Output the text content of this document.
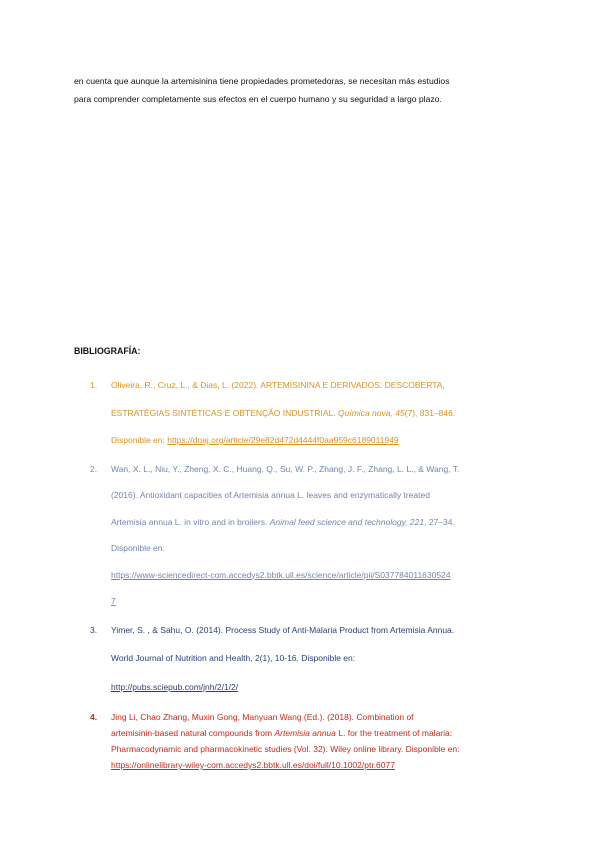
en cuenta que aunque la artemisinina tiene propiedades prometedoras, se necesitan más estudios

para comprender completamente sus efectos en el cuerpo humano y su seguridad a largo plazo.

BIBLIOGRAFÍA:
1. Oliveira, R., Cruz, L., & Dias, L. (2022). ARTEMISININA E DERIVADOS: DESCOBERTA,
ESTRATÉGIAS SINTÉTICAS E OBTENÇÃO INDUSTRIAL. Química nova, 45(7), 831–846.
Disponible en: https://doaj.org/article/29e82d472d4444f0aa959c6189011949
2. Wan, X. L., Niu, Y., Zheng, X. C., Huang, Q., Su, W. P., Zhang, J. F., Zhang, L. L., & Wang, T.
(2016). Antioxidant capacities of Artemisia annua L. leaves and enzymatically treated
Artemisia annua L. in vitro and in broilers. Animal feed science and technology, 221, 27–34.
Disponible en:
https://www-sciencedirect-com.accedys2.bbtk.ull.es/science/article/pii/S037784011630524
7
3. Yimer, S. , & Sahu, O. (2014). Process Study of Anti-Malaria Product from Artemisia Annua.
World Journal of Nutrition and Health, 2(1), 10-16. Disponible en:
http://pubs.sciepub.com/jnh/2/1/2/
4. Jing Li, Chao Zhang, Muxin Gong, Manyuan Wang (Ed.). (2018). Combination of
artemisinin-based natural compounds from Artemisia annua L. for the treatment of malaria:
Pharmacodynamic and pharmacokinetic studies (Vol. 32). Wiley online library. Disponible en:
https://onlinelibrary-wiley-com.accedys2.bbtk.ull.es/doi/full/10.1002/ptr.6077
